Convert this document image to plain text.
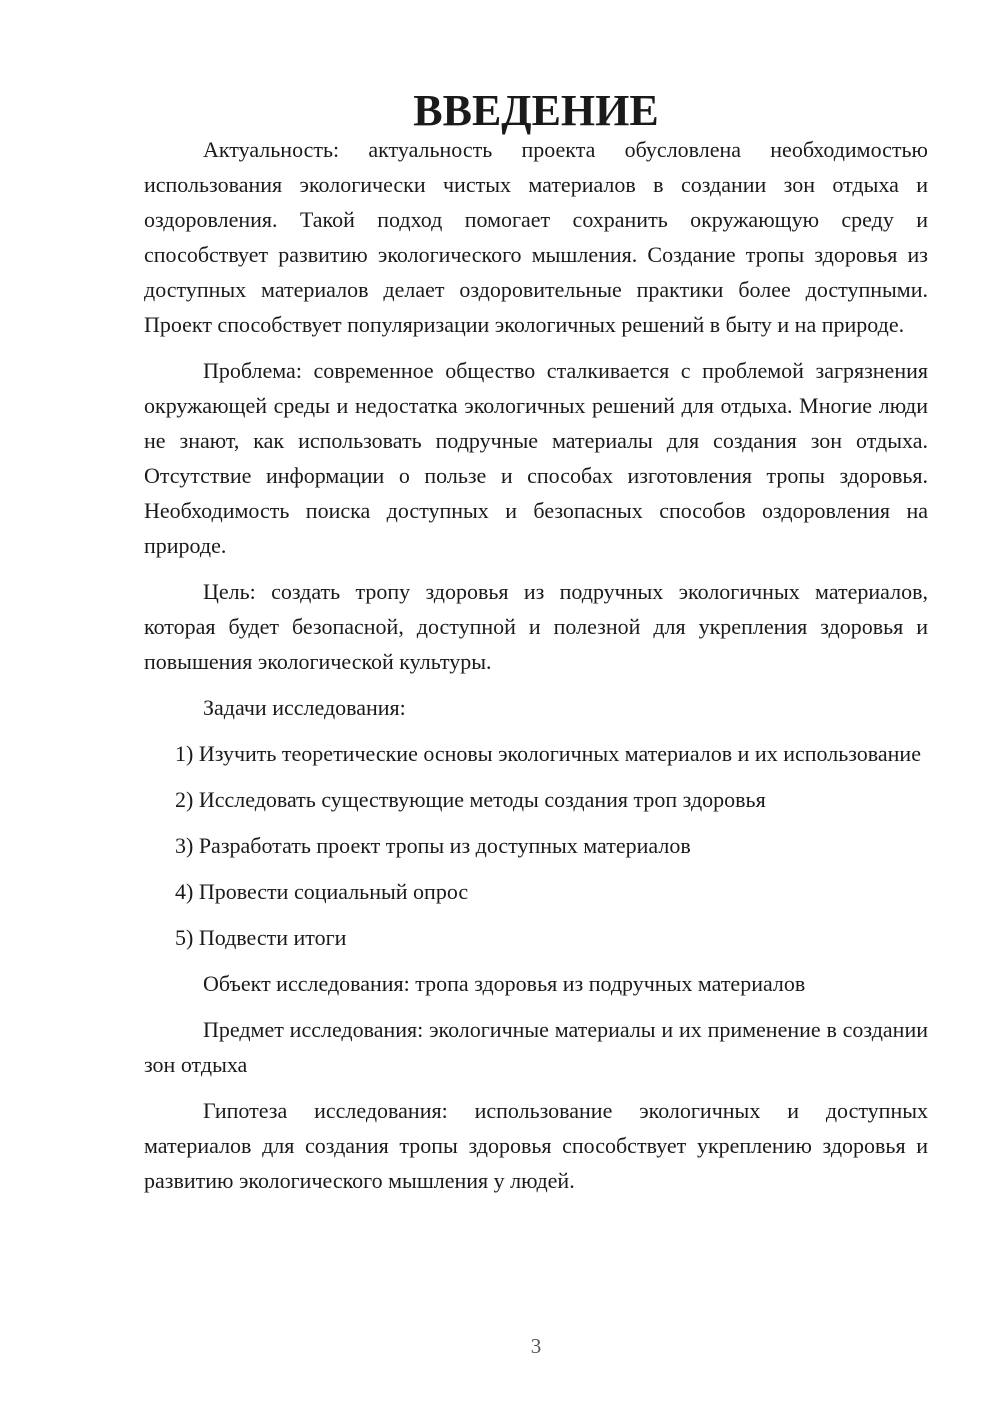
ВВЕДЕНИЕ

Актуальность: актуальность проекта обусловлена необходимостью использования экологически чистых материалов в создании зон отдыха и оздоровления. Такой подход помогает сохранить окружающую среду и способствует развитию экологического мышления. Создание тропы здоровья из доступных материалов делает оздоровительные практики более доступными. Проект способствует популяризации экологичных решений в быту и на природе.

Проблема: современное общество сталкивается с проблемой загрязнения окружающей среды и недостатка экологичных решений для отдыха. Многие люди не знают, как использовать подручные материалы для создания зон отдыха. Отсутствие информации о пользе и способах изготовления тропы здоровья. Необходимость поиска доступных и безопасных способов оздоровления на природе.

Цель: создать тропу здоровья из подручных экологичных материалов, которая будет безопасной, доступной и полезной для укрепления здоровья и повышения экологической культуры.

Задачи исследования:

1) Изучить теоретические основы экологичных материалов и их использование

2) Исследовать существующие методы создания троп здоровья

3) Разработать проект тропы из доступных материалов

4) Провести социальный опрос

5) Подвести итоги

Объект исследования: тропа здоровья из подручных материалов

Предмет исследования: экологичные материалы и их применение в создании зон отдыха

Гипотеза исследования: использование экологичных и доступных материалов для создания тропы здоровья способствует укреплению здоровья и развитию экологического мышления у людей.

3
